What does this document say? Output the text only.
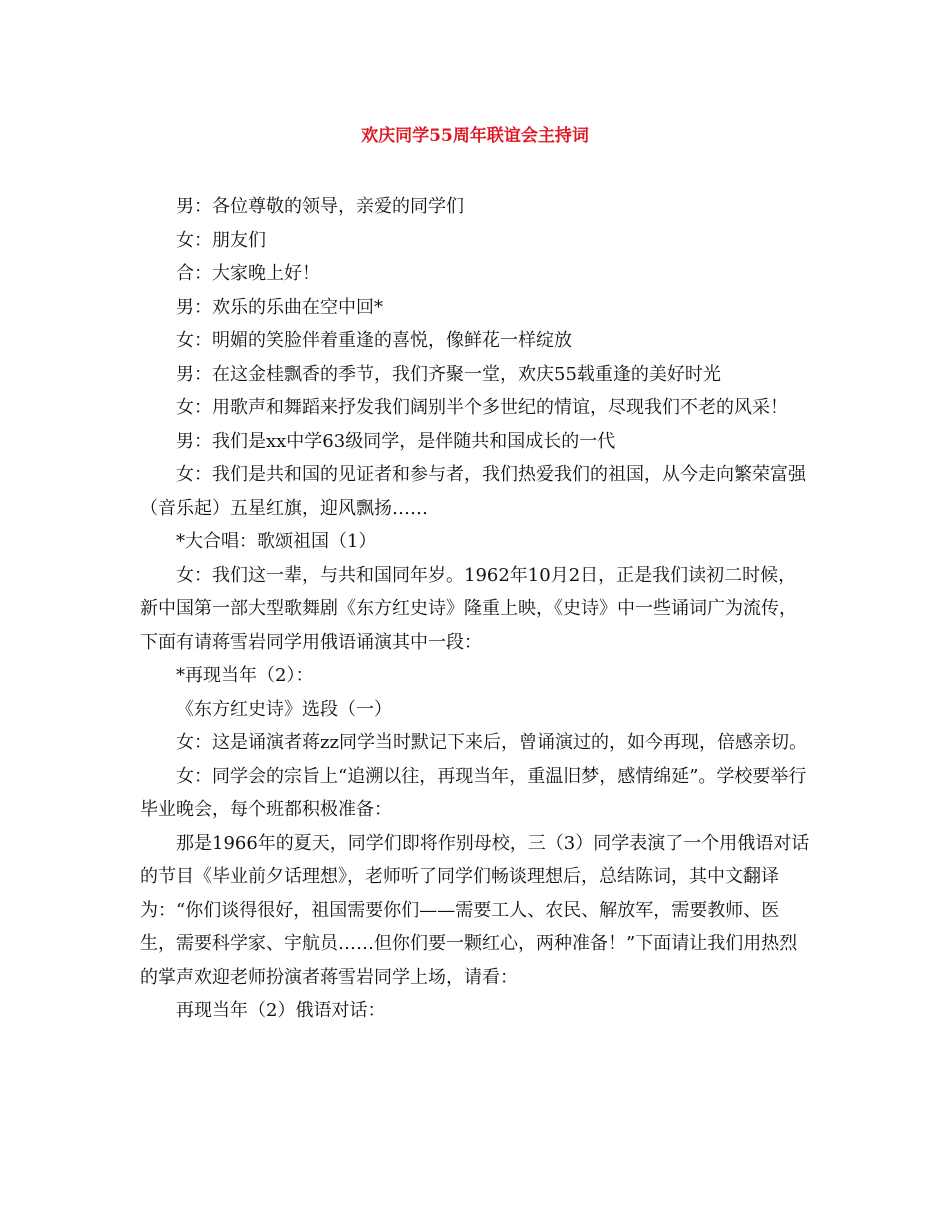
欢庆同学55周年联谊会主持词

男：各位尊敬的领导，亲爱的同学们

女：朋友们

合：大家晚上好！

男：欢乐的乐曲在空中回*

女：明媚的笑脸伴着重逢的喜悦，像鲜花一样绽放

男：在这金桂飘香的季节，我们齐聚一堂，欢庆55载重逢的美好时光

女：用歌声和舞蹈来抒发我们阔别半个多世纪的情谊，尽现我们不老的风采！

男：我们是xx中学63级同学，是伴随共和国成长的一代

女：我们是共和国的见证者和参与者，我们热爱我们的祖国，从今走向繁荣富强（音乐起）五星红旗，迎风飘扬……

*大合唱：歌颂祖国（1）

女：我们这一辈，与共和国同年岁。1962年10月2日，正是我们读初二时候，新中国第一部大型歌舞剧《东方红史诗》隆重上映，《史诗》中一些诵词广为流传，下面有请蒋雪岩同学用俄语诵演其中一段：

*再现当年（2）：

《东方红史诗》选段（一）

女：这是诵演者蒋zz同学当时默记下来后，曾诵演过的，如今再现，倍感亲切。

女：同学会的宗旨上“追溯以往，再现当年，重温旧梦，感情绵延”。学校要举行毕业晚会，每个班都积极准备：

那是1966年的夏天，同学们即将作别母校，三（3）同学表演了一个用俄语对话的节目《毕业前夕话理想》，老师听了同学们畅谈理想后，总结陈词，其中文翻译为：“你们谈得很好，祖国需要你们——需要工人、农民、解放军，需要教师、医生，需要科学家、宇航员……但你们要一颗红心，两种准备！”下面请让我们用热烈的掌声欢迎老师扮演者蒋雪岩同学上场，请看：

再现当年（2）俄语对话：
